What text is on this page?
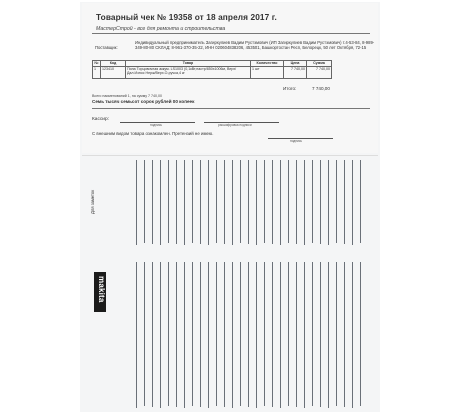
Товарный чек № 19358 от 18 апреля 2017 г.
МастерСтрой - все для ремонта и строительства
Поставщик:
Индивидуальный предприниматель Загиркулиев Вадим Рустэмович (ИП Загиркулиев Вадим Рустэмович) т.4-53-84, 8-989-349-80-80 СКЛАД: 8-961-370-35-22, ИНН 020604838206, 453501, Башкортостан Респ, Белорецк, 50 лет Октября, 72-15
№	Код	Товар	Количество	Цена	Сумма
1	123410	Пила Торцовочная аккум. LS1003 (0,1кВт,настр/850x1006м, Верх/Дал.Износ Нерж/Верх.О-ручка,4 кг	1 шт	7 740,00	7 740,00
Итого:	7 740,00
Всего наименований 1, на сумму 7 740,00
Семь тысяч семьсот сорок рублей 00 копеек
Кассир:
подпись	расшифровка подписи
С внешним видом товара ознакомлен. Претензий не имею.
подпись
Для заметок
makita
